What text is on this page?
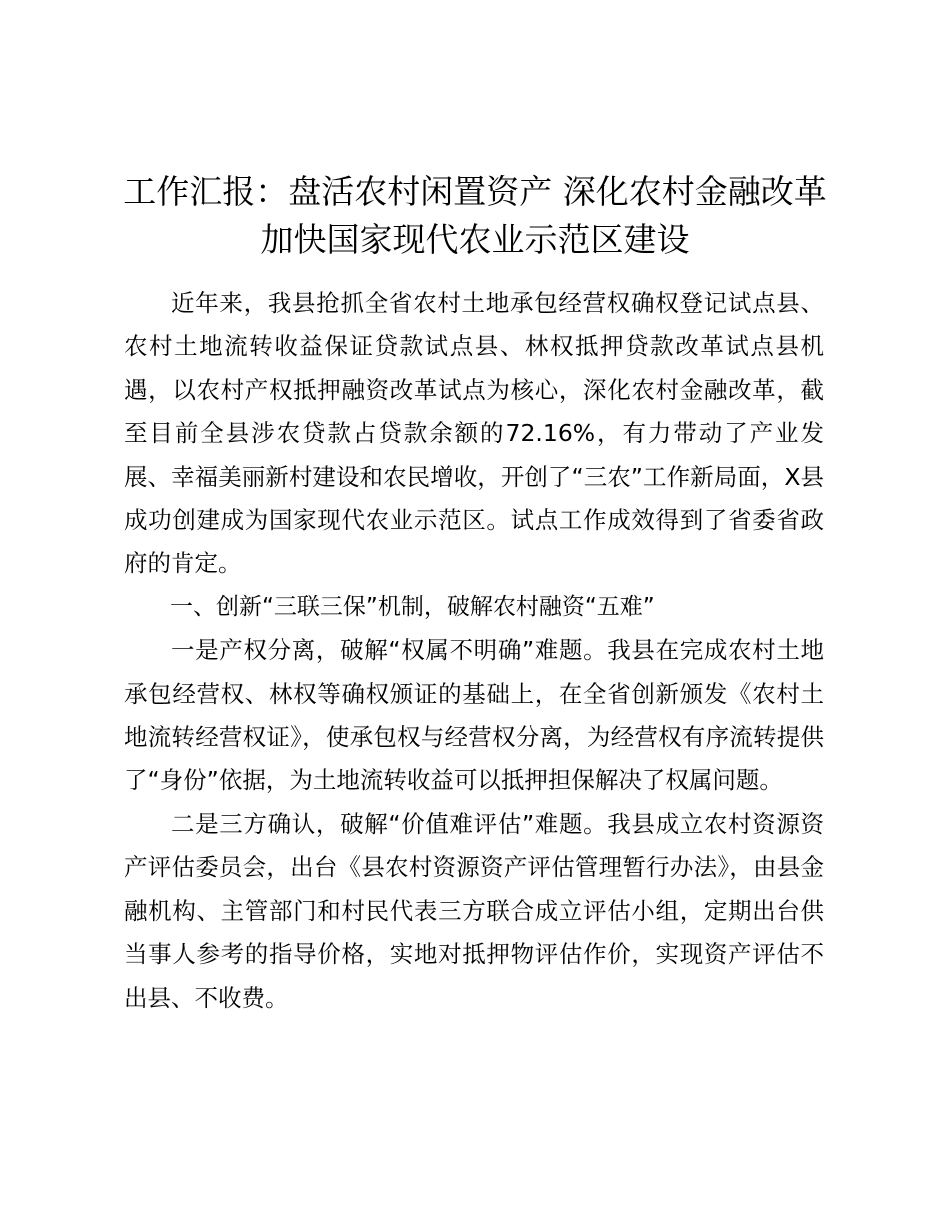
工作汇报：盘活农村闲置资产 深化农村金融改革加快国家现代农业示范区建设

近年来，我县抢抓全省农村土地承包经营权确权登记试点县、农村土地流转收益保证贷款试点县、林权抵押贷款改革试点县机遇，以农村产权抵押融资改革试点为核心，深化农村金融改革，截至目前全县涉农贷款占贷款余额的72.16%，有力带动了产业发展、幸福美丽新村建设和农民增收，开创了“三农”工作新局面，X县成功创建成为国家现代农业示范区。试点工作成效得到了省委省政府的肯定。

一、创新“三联三保”机制，破解农村融资“五难”

一是产权分离，破解“权属不明确”难题。我县在完成农村土地承包经营权、林权等确权颁证的基础上，在全省创新颁发《农村土地流转经营权证》，使承包权与经营权分离，为经营权有序流转提供了“身份”依据，为土地流转收益可以抵押担保解决了权属问题。

二是三方确认，破解“价值难评估”难题。我县成立农村资源资产评估委员会，出台《县农村资源资产评估管理暂行办法》，由县金融机构、主管部门和村民代表三方联合成立评估小组，定期出台供当事人参考的指导价格，实地对抵押物评估作价，实现资产评估不出县、不收费。
